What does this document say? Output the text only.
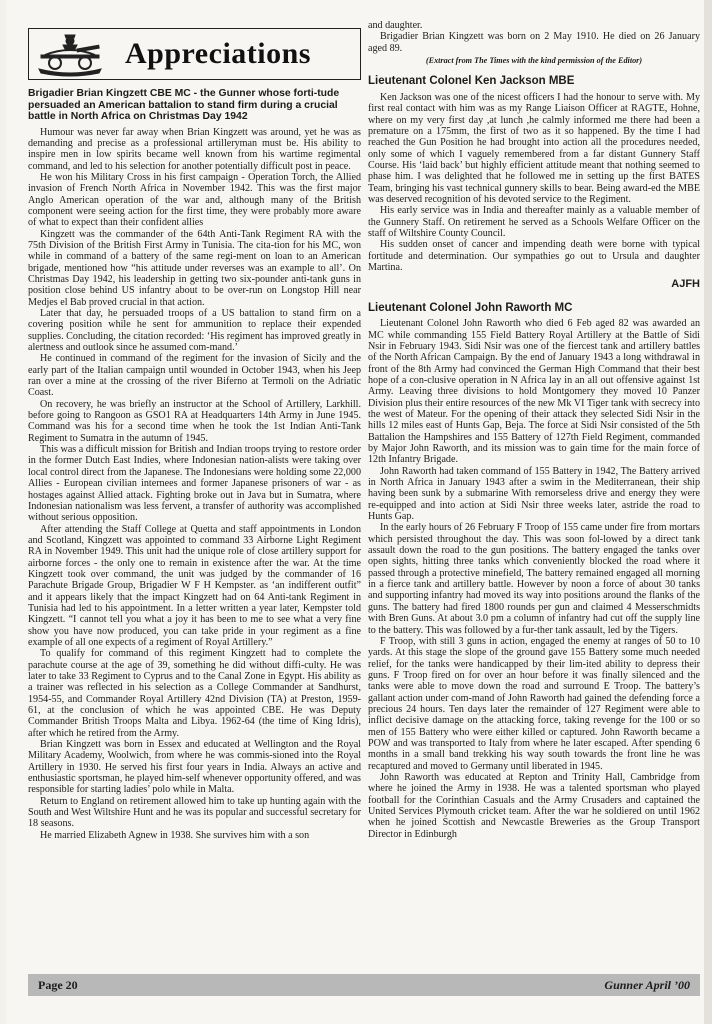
Appreciations
Brigadier Brian Kingzett CBE MC - the Gunner whose forti-tude persuaded an American battalion to stand firm during a crucial battle in North Africa on Christmas Day 1942

Humour was never far away when Brian Kingzett was around, yet he was as demanding and precise as a professional artilleryman must be. His ability to inspire men in low spirits became well known from his wartime regimental command, and led to his selection for another potentially difficult post in peace.

He won his Military Cross in his first campaign - Operation Torch, the Allied invasion of French North Africa in November 1942. This was the first major Anglo American operation of the war and, although many of the British component were seeing action for the first time, they were probably more aware of what to expect than their confident allies

Kingzett was the commander of the 64th Anti-Tank Regiment RA with the 75th Division of the British First Army in Tunisia. The cita-tion for his MC, won while in command of a battery of the same regi-ment on loan to an American brigade, mentioned how “his attitude under reverses was an example to all’. On Christmas Day 1942, his leadership in getting two six-pounder anti-tank guns in position close behind US infantry about to be over-run on Longstop Hill near Medjes el Bab proved crucial in that action.

Later that day, he persuaded troops of a US battalion to stand firm on a covering position while he sent for ammunition to replace their expended supplies. Concluding, the citation recorded: ‘His regiment has improved greatly in alertness and outlook since he assumed com-mand.’

He continued in command of the regiment for the invasion of Sicily and the early part of the Italian campaign until wounded in October 1943, when his Jeep ran over a mine at the crossing of the river Biferno at Termoli on the Adriatic Coast.

On recovery, he was briefly an instructor at the School of Artillery, Larkhill. before going to Rangoon as GSO1 RA at Headquarters 14th Army in June 1945. Command was his for a second time when he took the 1st Indian Anti-Tank Regiment to Sumatra in the autumn of 1945.

This was a difficult mission for British and Indian troops trying to restore order in the former Dutch East Indies, where Indonesian nation-alists were taking over local control direct from the Japanese. The Indonesians were holding some 22,000 Allies - European civilian internees and former Japanese prisoners of war - as hostages against Allied attack. Fighting broke out in Java but in Sumatra, where Indonesian nationalism was less fervent, a transfer of authority was accomplished without serious opposition.

After attending the Staff College at Quetta and staff appointments in London and Scotland, Kingzett was appointed to command 33 Airborne Light Regiment RA in November 1949. This unit had the unique role of close artillery support for airborne forces - the only one to remain in existence after the war. At the time Kingzett took over command, the unit was judged by the commander of 16 Parachute Brigade Group, Brigadier W F H Kempster. as ‘an indifferent outfit” and it appears likely that the impact Kingzett had on 64 Anti-tank Regiment in Tunisia had led to his appointment. In a letter written a year later, Kempster told Kingzett. “I cannot tell you what a joy it has been to me to see what a very fine show you have now produced, you can take pride in your regiment as a fine example of all one expects of a regiment of Royal Artillery.”

To qualify for command of this regiment Kingzett had to complete the parachute course at the age of 39, something he did without diffi-culty. He was later to take 33 Regiment to Cyprus and to the Canal Zone in Egypt. His ability as a trainer was reflected in his selection as a College Commander at Sandhurst, 1954-55, and Commander Royal Artillery 42nd Division (TA) at Preston, 1959-61, at the conclusion of which he was appointed CBE. He was Deputy Commander British Troops Malta and Libya. 1962-64 (the time of King Idris), after which he retired from the Army.

Brian Kingzett was born in Essex and educated at Wellington and the Royal Military Academy, Woolwich, from where he was commis-sioned into the Royal Artillery in 1930. He served his first four years in India. Always an active and enthusiastic sportsman, he played him-self whenever opportunity offered, and was responsible for starting ladies’ polo while in Malta.

Return to England on retirement allowed him to take up hunting again with the South and West Wiltshire Hunt and he was its popular and successful secretary for 18 seasons.

He married Elizabeth Agnew in 1938. She survives him with a son

and daughter.

Brigadier Brian Kingzett was born on 2 May 1910. He died on 26 January aged 89.

(Extract from The Times with the kind permission of the Editor)
Lieutenant Colonel Ken Jackson MBE

Ken Jackson was one of the nicest officers I had the honour to serve with. My first real contact with him was as my Range Liaison Officer at RAGTE, Hohne, where on my very first day ,at lunch ,he calmly informed me there had been a premature on a 175mm, the first of two as it so happened. By the time I had reached the Gun Position he had brought into action all the procedures needed, only some of which I vaguely remembered from a far distant Gunnery Staff Course. His ‘laid back’ but highly efficient attitude meant that nothing seemed to phase him. I was delighted that he followed me in setting up the first BATES Team, bringing his vast technical gunnery skills to bear. Being award-ed the MBE was deserved recognition of his devoted service to the Regiment.

His early service was in India and thereafter mainly as a valuable member of the Gunnery Staff. On retirement he served as a Schools Welfare Officer on the staff of Wiltshire County Council.

His sudden onset of cancer and impending death were borne with typical fortitude and determination. Our sympathies go out to Ursula and daughter Martina.

AJFH
Lieutenant Colonel John Raworth MC

Lieutenant Colonel John Raworth who died 6 Feb aged 82 was awarded an MC while commanding 155 Field Battery Royal Artillery at the Battle of Sidi Nsir in February 1943. Sidi Nsir was one of the fiercest tank and artillery battles of the North African Campaign. By the end of January 1943 a long withdrawal in front of the 8th Army had convinced the German High Command that their best hope of a con-clusive operation in N Africa lay in an all out offensive against 1st Army. Leaving three divisions to hold Montgomery they moved 10 Panzer Division plus their entire resources of the new Mk VI Tiger tank with secrecy into the west of Mateur. For the opening of their attack they selected Sidi Nsir in the hills 12 miles east of Hunts Gap, Beja. The force at Sidi Nsir consisted of the 5th Battalion the Hampshires and 155 Battery of 127th Field Regiment, commanded by Major John Raworth, and its mission was to gain time for the main force of 12th Infantry Brigade.

John Raworth had taken command of 155 Battery in 1942, The Battery arrived in North Africa in January 1943 after a swim in the Mediterranean, their ship having been sunk by a submarine With remorseless drive and energy they were re-equipped and into action at Sidi Nsir three weeks later, astride the road to Hunts Gap.

In the early hours of 26 February F Troop of 155 came under fire from mortars which persisted throughout the day. This was soon fol-lowed by a direct tank assault down the road to the gun positions. The battery engaged the tanks over open sights, hitting three tanks which conveniently blocked the road where it passed through a protective minefield, The battery remained engaged all morning in a fierce tank and artillery battle. However by noon a force of about 30 tanks and supporting infantry had moved its way into positions around the flanks of the guns. The battery had fired 1800 rounds per gun and claimed 4 Messerschmidts with Bren Guns. At about 3.0 pm a column of infantry had cut off the supply line to the battery. This was followed by a fur-ther tank assault, led by the Tigers.

F Troop, with still 3 guns in action, engaged the enemy at ranges of 50 to 10 yards. At this stage the slope of the ground gave 155 Battery some much needed relief, for the tanks were handicapped by their lim-ited ability to depress their guns. F Troop fired on for over an hour before it was finally silenced and the tanks were able to move down the road and surround E Troop. The battery’s gallant action under com-mand of John Raworth had gained the defending force a precious 24 hours. Ten days later the remainder of 127 Regiment were able to inflict decisive damage on the attacking force, taking revenge for the 100 or so men of 155 Battery who were either killed or captured. John Raworth became a POW and was transported to Italy from where he later escaped. After spending 6 months in a small band trekking his way south towards the front line he was recaptured and moved to Germany until liberated in 1945.

John Raworth was educated at Repton and Trinity Hall, Cambridge from where he joined the Army in 1938. He was a talented sportsman who played football for the Corinthian Casuals and the Army Crusaders and captained the United Services Plymouth cricket team. After the war he soldiered on until 1962 when he joined Scottish and Newcastle Breweries as the Group Transport Director in Edinburgh

Page 20	Gunner April ’00
